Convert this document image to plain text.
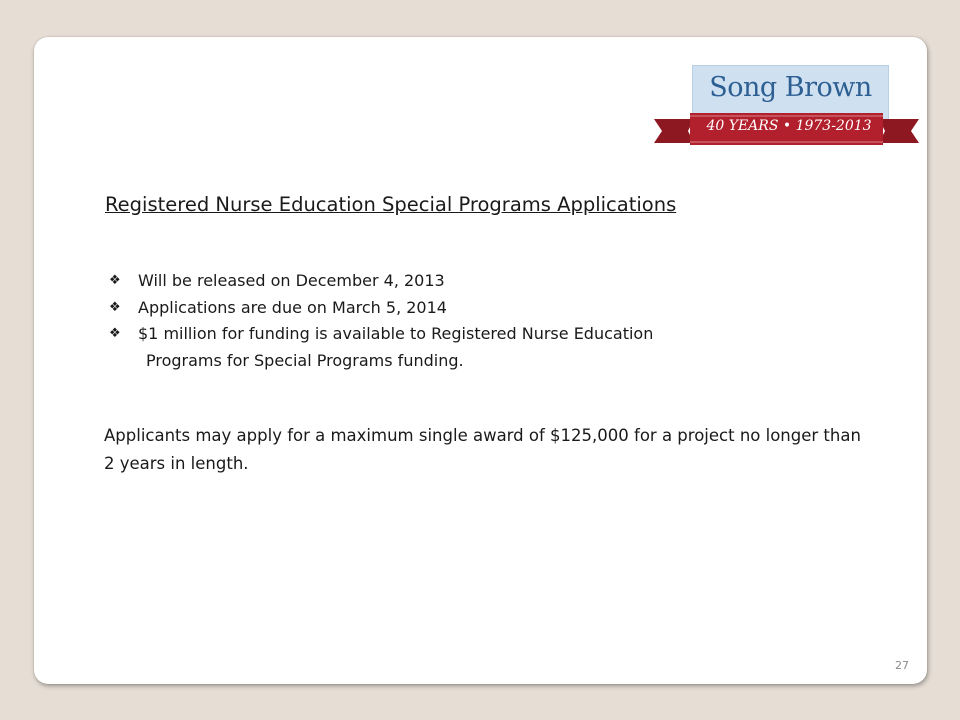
Song Brown
40 YEARS • 1973-2013
Registered Nurse Education Special Programs Applications
❖ Will be released on December 4, 2013
❖ Applications are due on March 5, 2014
❖ $1 million for funding is available to Registered Nurse Education
Programs for Special Programs funding.
Applicants may apply for a maximum single award of $125,000 for a project no longer than 2 years in length.
27
